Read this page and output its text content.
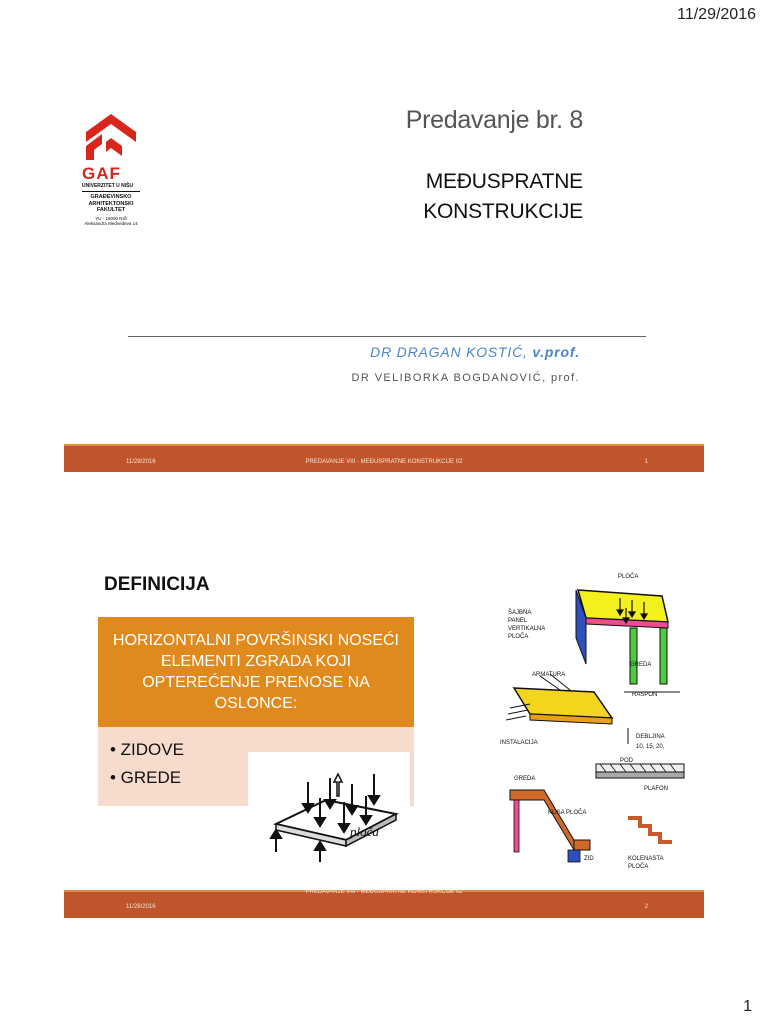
11/29/2016
1
GAF
UNIVERZITET U NIŠU
GRAĐEVINSKO
ARHITEKTONSKI
FAKULTET
YU - 18000 NIŠ
Aleksandra Medvedeva 14
Predavanje br. 8
MEĐUSPRATNE
KONSTRUKCIJE
DR DRAGAN KOSTIĆ, v.prof.
DR VELIBORKA BOGDANOVIĆ, prof.
11/28/2016	PREDAVANJE VIII - MEĐUSPRATNE KONSTRUKCIJE 02	1
DEFINICIJA
HORIZONTALNI POVRŠINSKI NOSEĆI ELEMENTI ZGRADA KOJI OPTEREĆENJE PRENOSE NA OSLONCE:
• ZIDOVE
• GREDE
ploča
PLOČA
ŠAJBNA
PANEL
VERTIKALNA
PLOČA
GREDA
ARMATURA
RASPON
INSTALACIJA
DEBLJINA
10, 15, 20,
POD
PLAFON
GREDA
KOSA PLOČA
ZID	KOLENASTA
PLOČA
PREDAVANJE VIII - MEĐUSPRATNE KONSTRUKCIJE 02
11/28/2016	2
